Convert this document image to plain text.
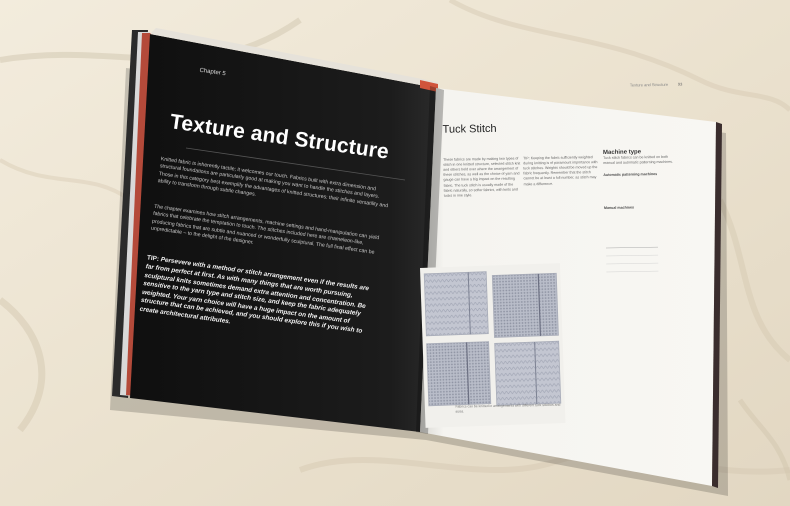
Chapter 5
Texture and Structure

Knitted fabric is inherently tactile; it welcomes our touch. Fabrics built with extra dimension and structural foundations are particularly good at making you want to handle the stitches and layers. Those in this category best exemplify the advantages of knitted structures: their infinite versatility and ability to transform through subtle changes.

The chapter examines how stitch arrangements, machine settings and hand-manipulation can yield fabrics that celebrate the temptation to touch. The stitches included here are chameleon-like, producing fabrics that are subtle and nuanced or wonderfully sculptural. The full final effect can be unpredictable – to the delight of the designer.

TIP: Persevere with a method or stitch arrangement even if the results are far from perfect at first. As with many things that are worth pursuing, sculptural knits sometimes demand extra attention and concentration. Be sensitive to the yarn type and stitch size, and keep the fabric adequately weighted. Your yarn choice will have a huge impact on the amount of structure that can be achieved, and you should explore this if you wish to create architectural attributes.

Texture and Structure 93
Tuck Stitch

These fabrics are made by making two types of stitch in one knitted structure, selected stitch knit and others held over where the arrangement of these stitches, as well as the choice of yarn and gauge can have a big impact on the resulting fabric. The tuck stitch is usually made of the fabric naturally, so softer fabrics, with knits and tucks in one style.

TIP: Keeping the fabric sufficiently weighted during knitting is of paramount importance with tuck stitches. Weights should be moved up the fabric frequently. Remember that the stitch cannot be at least a full number, as stitch may make a difference.

Machine type
Tuck stitch fabrics can be knitted on both manual and automatic patterning machines.
Automatic patterning machines
Manual machines

Fabrics can be knitted in arrangements with different tuck stitches and sizes.
